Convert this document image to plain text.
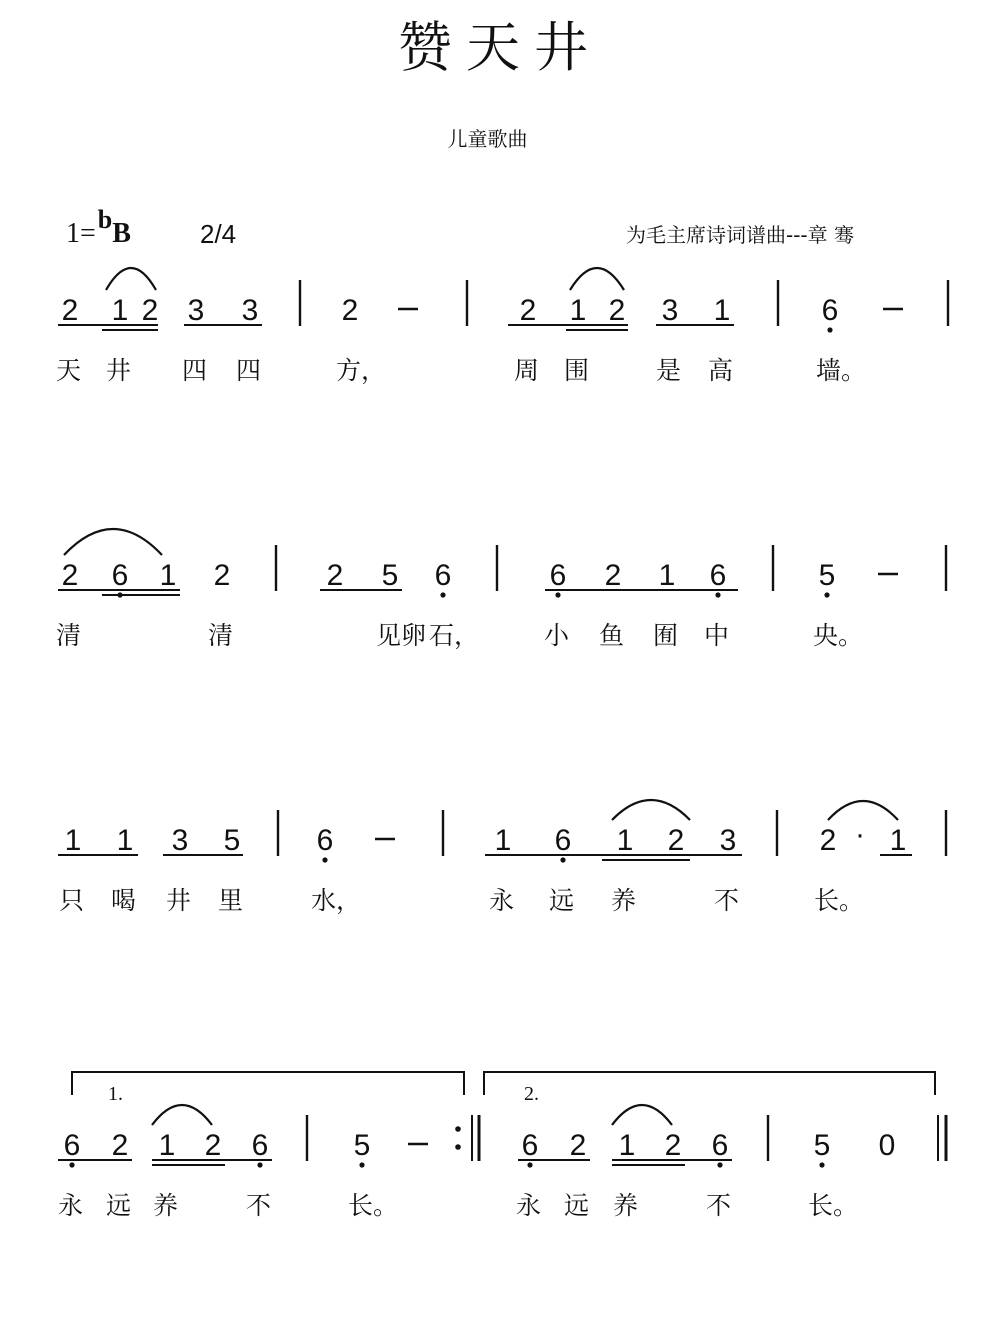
赞天井
儿童歌曲
1=bB	2/4	为毛主席诗词谱曲---章 骞
2
天
1
井
2 3
四
3
四
2
方，
2
周
1
围
2 3
是
1
高
6
墙。
2
清
6 1 2
清
2 5
见卵
6
石，
6
小
2
鱼
1
囿
6
中
5
央。
1
只
1
喝
3
井
5
里
6
水，
1
永
6
远
1
养
2 3
不
2
长。
· 1
6
永
2
远
1
养
2 6
不
5
长。
6
永
2
远
1
养
2 6
不
5
长。
0
1.	2.
